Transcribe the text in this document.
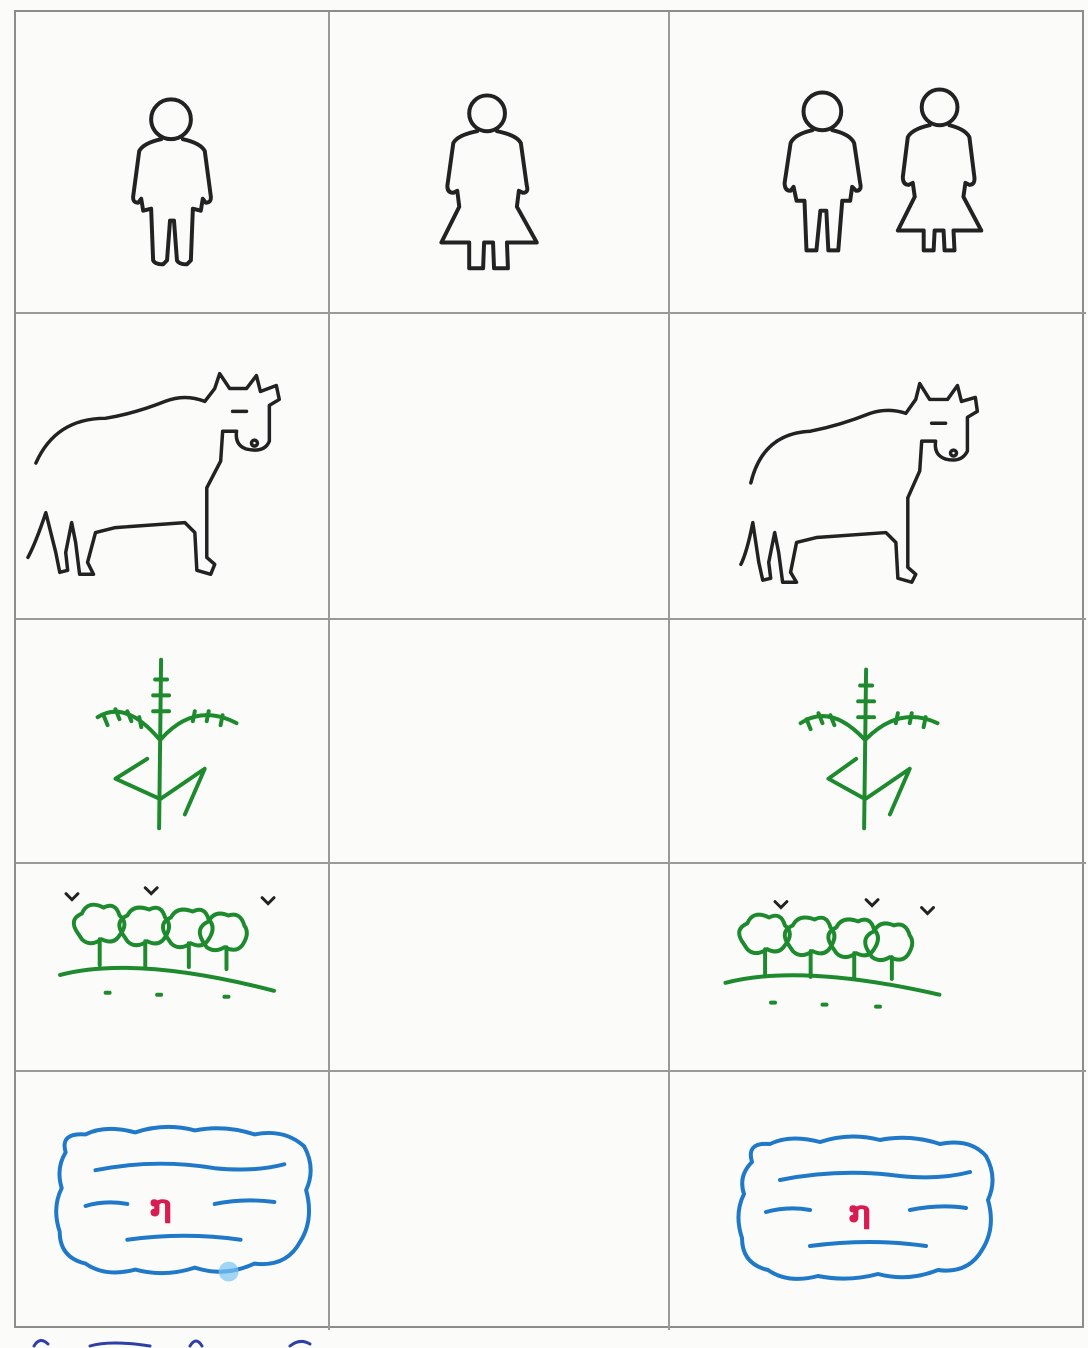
໗	໗
